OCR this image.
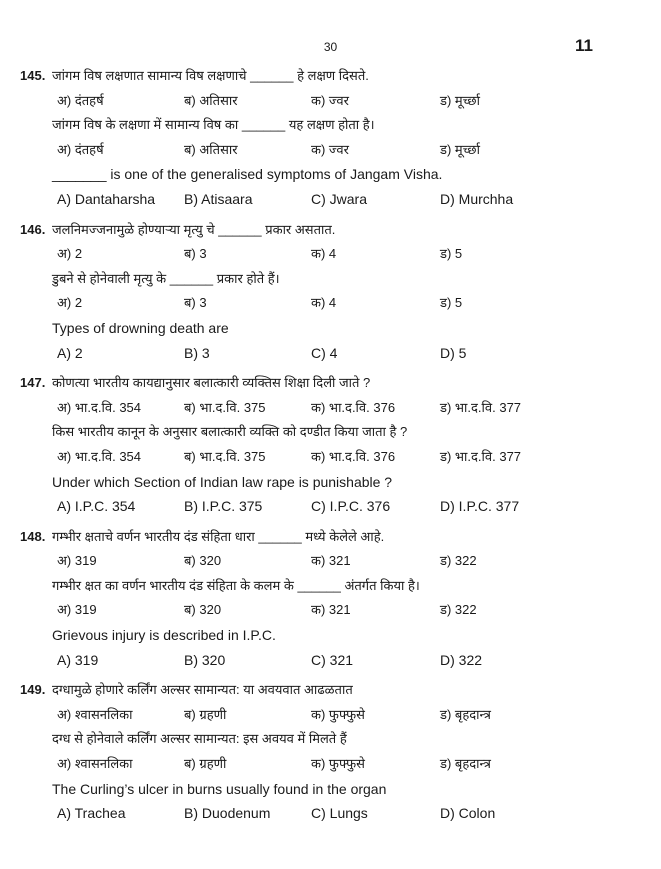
30	11
145. जांगम विष लक्षणात सामान्य विष लक्षणाचे ______ हे लक्षण दिसते.
अ) दंतहर्ष	ब) अतिसार	क) ज्वर	ड) मूर्च्छा
जांगम विष के लक्षणा में सामान्य विष का ______ यह लक्षण होता है।
अ) दंतहर्ष	ब) अतिसार	क) ज्वर	ड) मूर्च्छा
_______ is one of the generalised symptoms of Jangam Visha.
A) Dantaharsha B) Atisaara	C) Jwara	D) Murchha
146. जलनिमज्जनामुळे होण्याऱ्या मृत्यु चे ______ प्रकार असतात.
अ) 2	ब) 3	क) 4	ड) 5
डुबने से होनेवाली मृत्यु के ______ प्रकार होते हैं।
अ) 2	ब) 3	क) 4	ड) 5
Types of drowning death are
A) 2	B) 3	C) 4	D) 5
147. कोणत्या भारतीय कायद्यानुसार बलात्कारी व्यक्तिस शिक्षा दिली जाते ?
अ) भा.द.वि. 354	ब) भा.द.वि. 375	क) भा.द.वि. 376	ड) भा.द.वि. 377
किस भारतीय कानून के अनुसार बलात्कारी व्यक्ति को दण्डीत किया जाता है ?
अ) भा.द.वि. 354	ब) भा.द.वि. 375	क) भा.द.वि. 376	ड) भा.द.वि. 377
Under which Section of Indian law rape is punishable ?
A) I.P.C. 354	B) I.P.C. 375	C) I.P.C. 376	D) I.P.C. 377
148. गम्भीर क्षताचे वर्णन भारतीय दंड संहिता धारा ______ मध्ये केलेले आहे.
अ) 319	ब) 320	क) 321	ड) 322
गम्भीर क्षत का वर्णन भारतीय दंड संहिता के कलम के ______ अंतर्गत किया है।
अ) 319	ब) 320	क) 321	ड) 322
Grievous injury is described in I.P.C.
A) 319	B) 320	C) 321	D) 322
149. दग्धामुळे होणारे कर्लिंग अल्सर सामान्यत: या अवयवात आढळतात
अ) श्वासनलिका	ब) ग्रहणी	क) फुफ्फुसे	ड) बृहदान्त्र
दग्ध से होनेवाले कर्लिंग अल्सर सामान्यत: इस अवयव में मिलते हैं
अ) श्वासनलिका	ब) ग्रहणी	क) फुफ्फुसे	ड) बृहदान्त्र
The Curling’s ulcer in burns usually found in the organ
A) Trachea	B) Duodenum	C) Lungs	D) Colon
